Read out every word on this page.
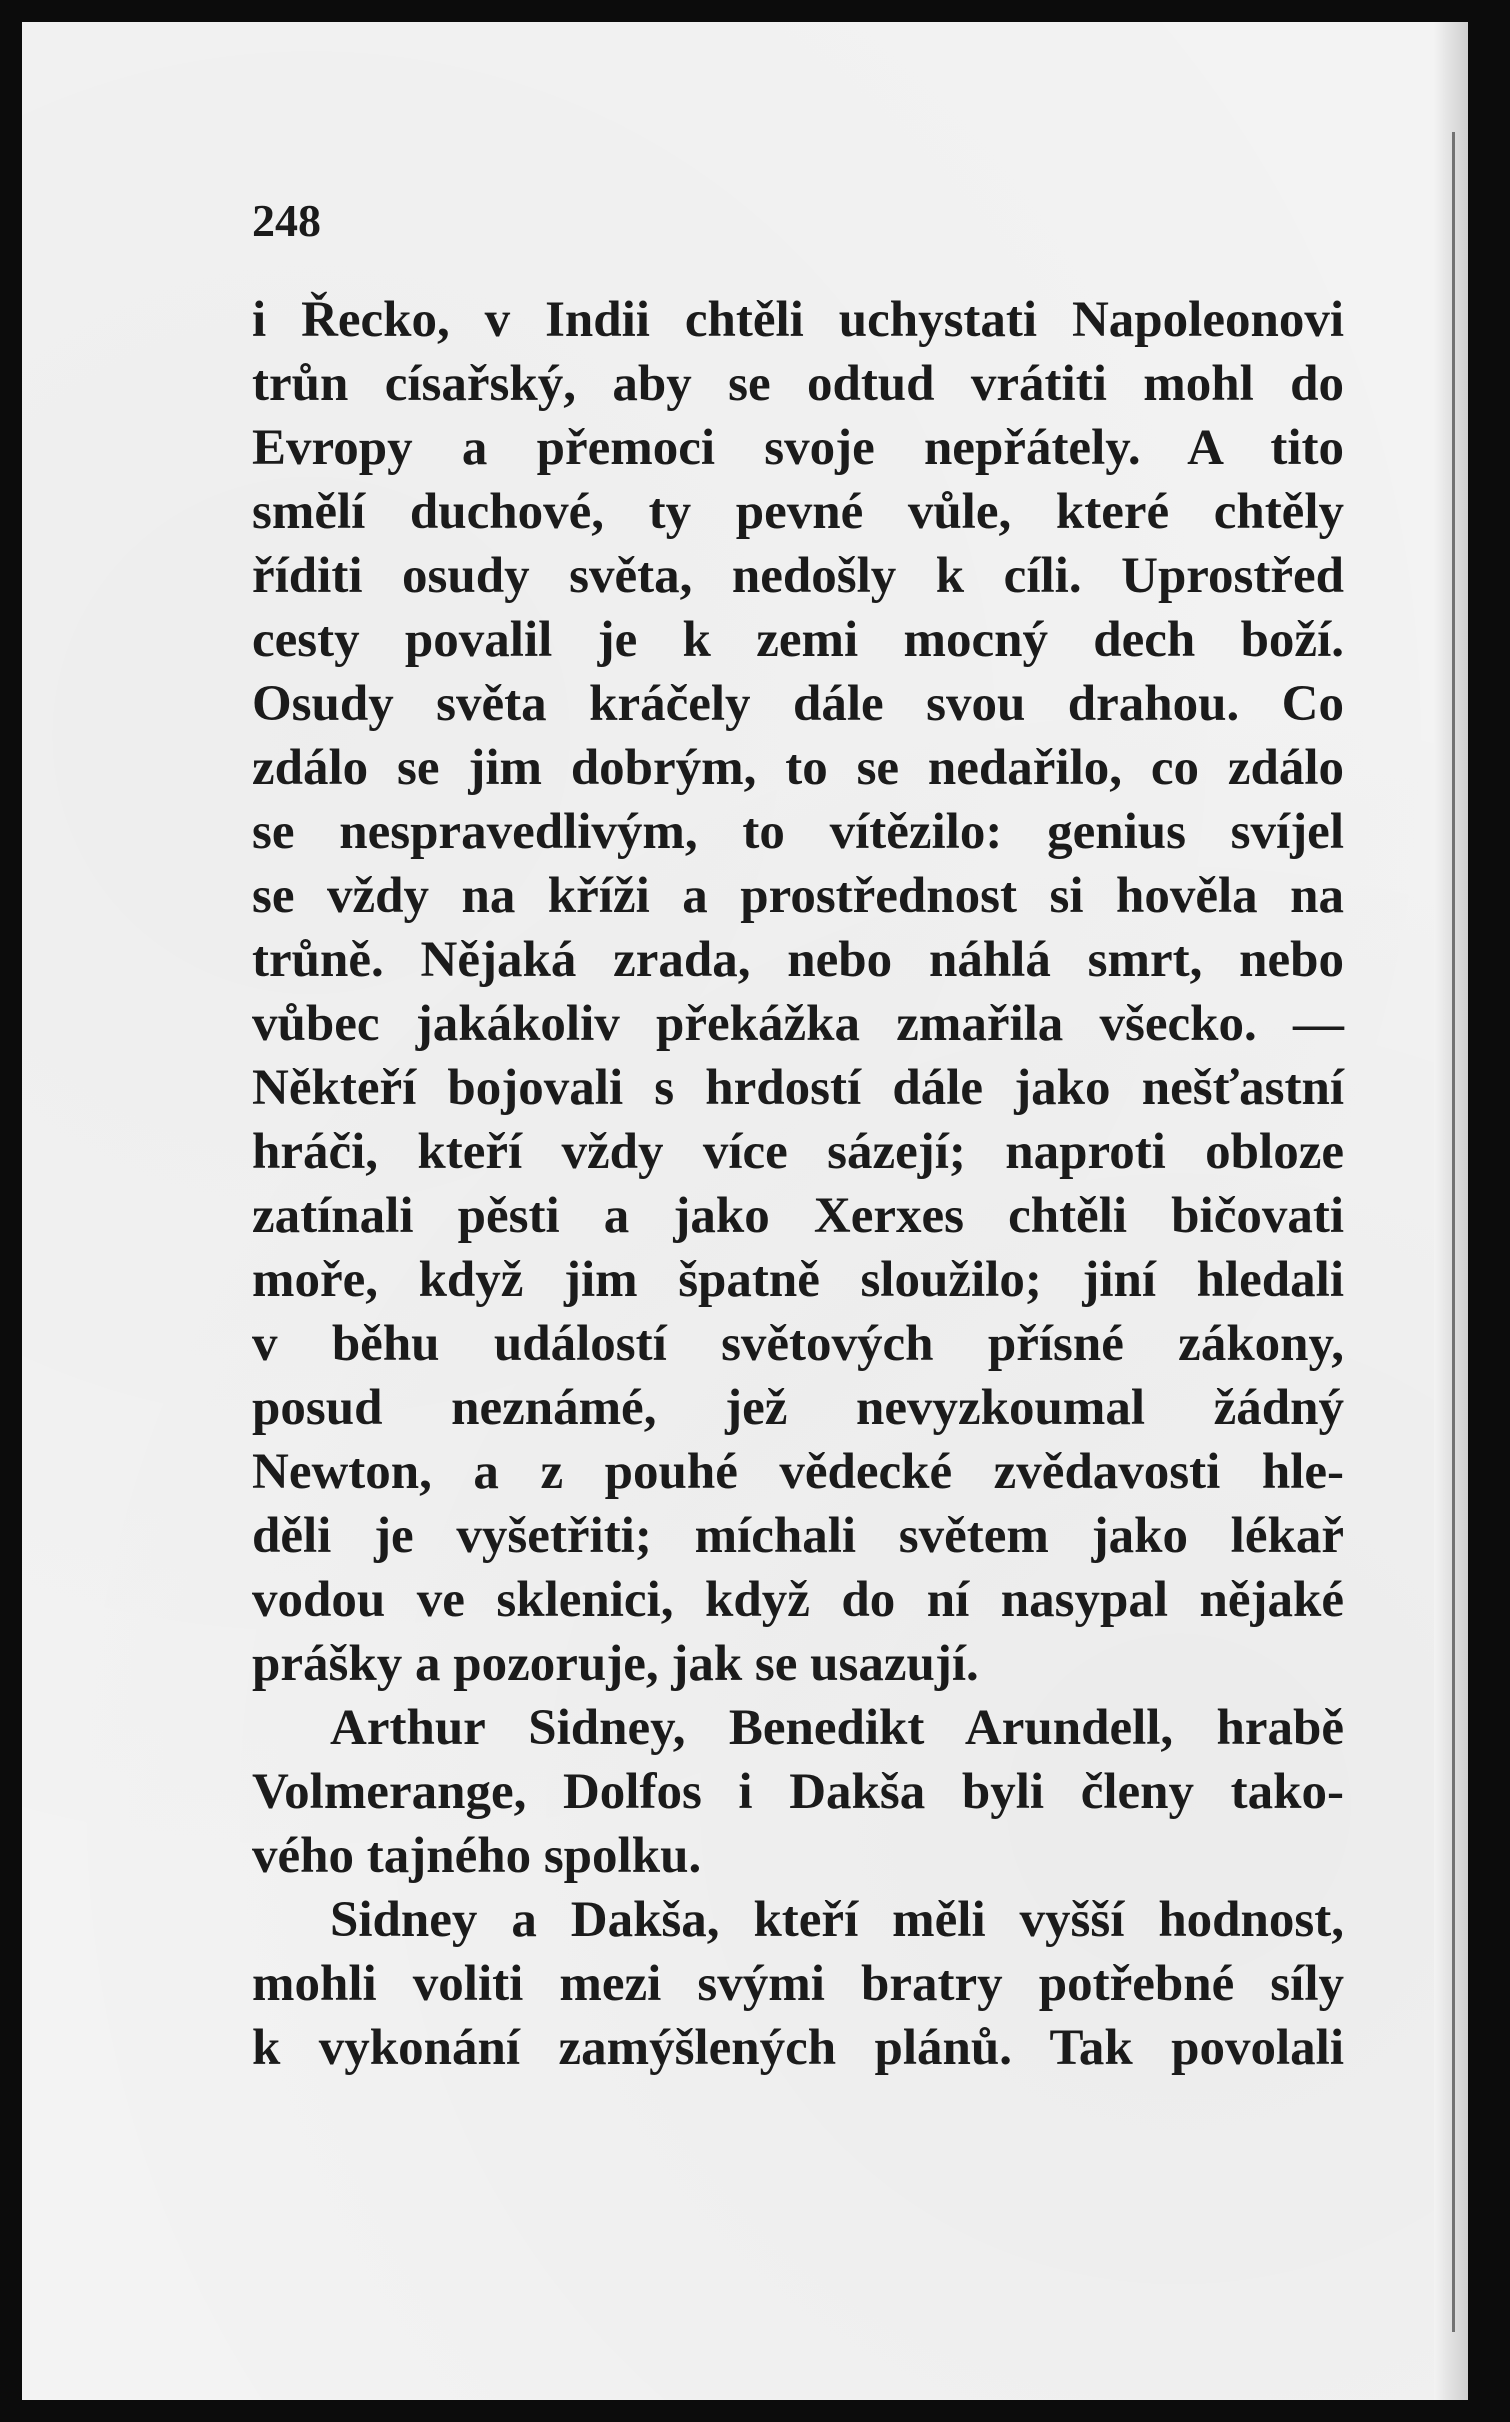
248

i Řecko, v Indii chtěli uchystati Napoleonovi
trůn císařský, aby se odtud vrátiti mohl do
Evropy a přemoci svoje nepřátely. A tito
smělí duchové, ty pevné vůle, které chtěly
říditi osudy světa, nedošly k cíli. Uprostřed
cesty povalil je k zemi mocný dech boží.
Osudy světa kráčely dále svou drahou. Co
zdálo se jim dobrým, to se nedařilo, co zdálo
se nespravedlivým, to vítězilo: genius svíjel
se vždy na kříži a prostřednost si hověla na
trůně. Nějaká zrada, nebo náhlá smrt, nebo
vůbec jakákoliv překážka zmařila všecko. —
Někteří bojovali s hrdostí dále jako nešťastní
hráči, kteří vždy více sázejí; naproti obloze
zatínali pěsti a jako Xerxes chtěli bičovati
moře, když jim špatně sloužilo; jiní hledali
v běhu událostí světových přísné zákony,
posud neznámé, jež nevyzkoumal žádný
Newton, a z pouhé vědecké zvědavosti hle-
děli je vyšetřiti; míchali světem jako lékař
vodou ve sklenici, když do ní nasypal nějaké
prášky a pozoruje, jak se usazují.
Arthur Sidney, Benedikt Arundell, hrabě
Volmerange, Dolfos i Dakša byli členy tako-
vého tajného spolku.
Sidney a Dakša, kteří měli vyšší hodnost,
mohli voliti mezi svými bratry potřebné síly
k vykonání zamýšlených plánů. Tak povolali
